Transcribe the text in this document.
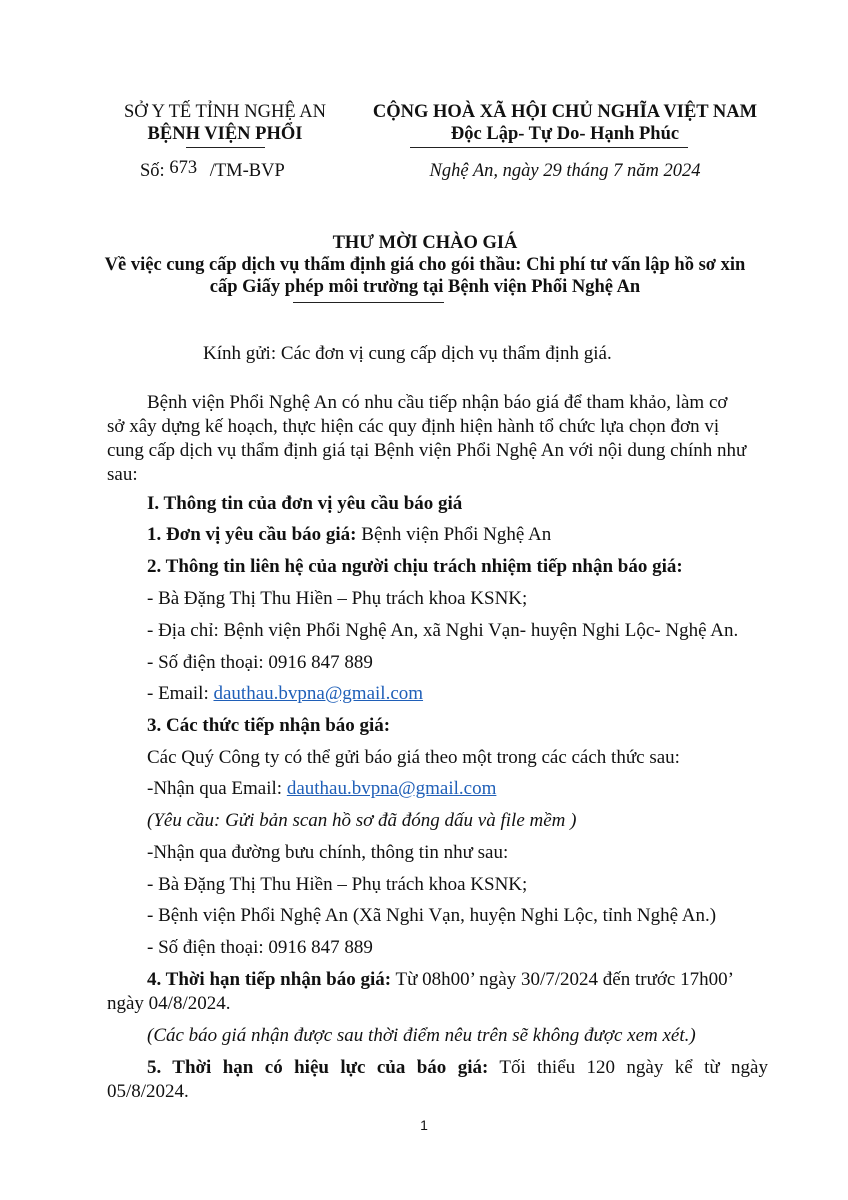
SỞ Y TẾ TỈNH NGHỆ AN
BỆNH VIỆN PHỔI
Số: 673 /TM-BVP
CỘNG HOÀ XÃ HỘI CHỦ NGHĨA VIỆT NAM
Độc Lập- Tự Do- Hạnh Phúc
Nghệ An, ngày 29 tháng 7 năm 2024
THƯ MỜI CHÀO GIÁ
Về việc cung cấp dịch vụ thẩm định giá cho gói thầu: Chi phí tư vấn lập hồ sơ xin
cấp Giấy phép môi trường tại Bệnh viện Phổi Nghệ An
Kính gửi: Các đơn vị cung cấp dịch vụ thẩm định giá.
Bệnh viện Phổi Nghệ An có nhu cầu tiếp nhận báo giá để tham khảo, làm cơ
sở xây dựng kế hoạch, thực hiện các quy định hiện hành tổ chức lựa chọn đơn vị
cung cấp dịch vụ thẩm định giá tại Bệnh viện Phổi Nghệ An với nội dung chính như
sau:
I. Thông tin của đơn vị yêu cầu báo giá
1. Đơn vị yêu cầu báo giá: Bệnh viện Phổi Nghệ An
2. Thông tin liên hệ của người chịu trách nhiệm tiếp nhận báo giá:
- Bà Đặng Thị Thu Hiền – Phụ trách khoa KSNK;
- Địa chỉ: Bệnh viện Phổi Nghệ An, xã Nghi Vạn- huyện Nghi Lộc- Nghệ An.
- Số điện thoại: 0916 847 889
- Email: dauthau.bvpna@gmail.com
3. Các thức tiếp nhận báo giá:
Các Quý Công ty có thể gửi báo giá theo một trong các cách thức sau:
-Nhận qua Email: dauthau.bvpna@gmail.com
(Yêu cầu: Gửi bản scan hồ sơ đã đóng dấu và file mềm )
-Nhận qua đường bưu chính, thông tin như sau:
- Bà Đặng Thị Thu Hiền – Phụ trách khoa KSNK;
- Bệnh viện Phổi Nghệ An (Xã Nghi Vạn, huyện Nghi Lộc, tỉnh Nghệ An.)
- Số điện thoại: 0916 847 889
4. Thời hạn tiếp nhận báo giá: Từ 08h00’ ngày 30/7/2024 đến trước 17h00’
ngày 04/8/2024.
(Các báo giá nhận được sau thời điểm nêu trên sẽ không được xem xét.)
5. Thời hạn có hiệu lực của báo giá: Tối thiểu 120 ngày kể từ ngày
05/8/2024.
1
